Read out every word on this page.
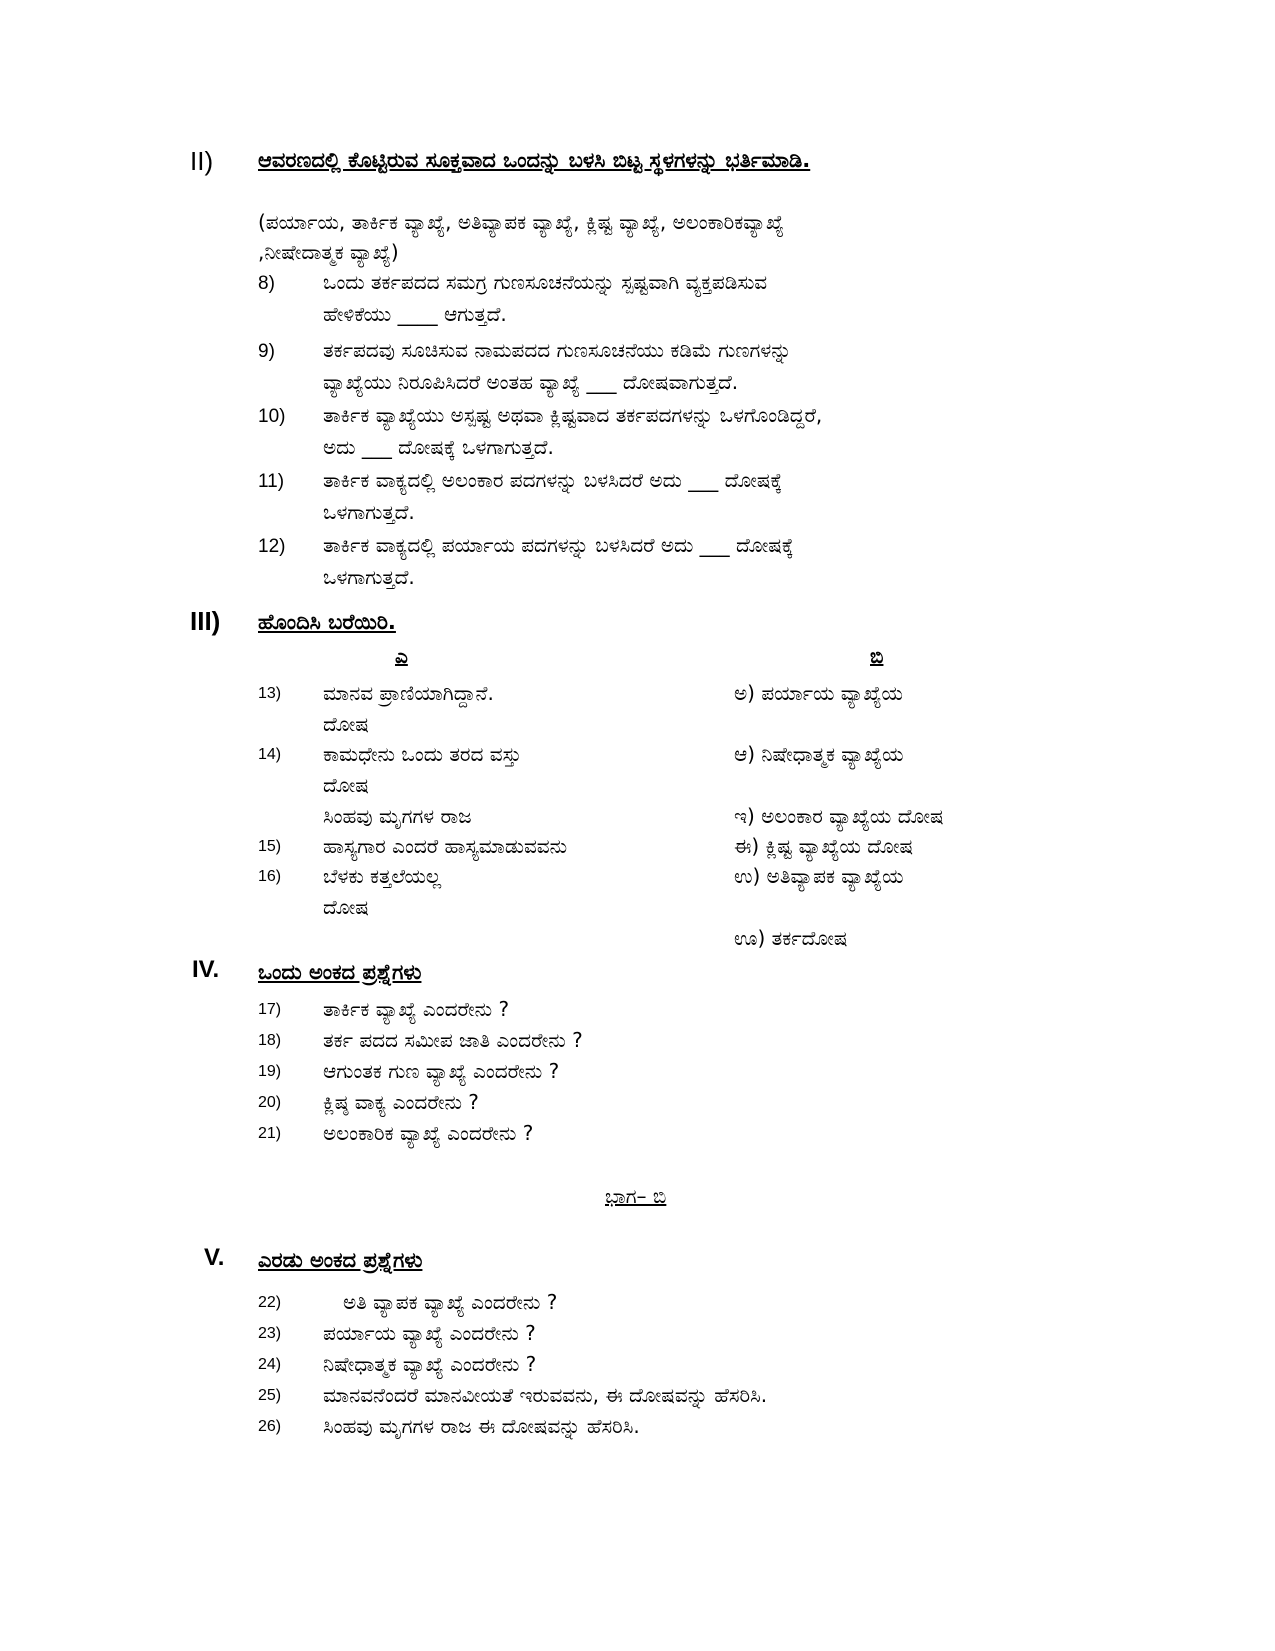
II) ಆವರಣದಲ್ಲಿ ಕೊಟ್ಟಿರುವ ಸೂಕ್ತವಾದ ಒಂದನ್ನು ಬಳಸಿ ಬಿಟ್ಟ ಸ್ಥಳಗಳನ್ನು ಭರ್ತಿಮಾಡಿ.
(ಪರ್ಯಾಯ, ತಾರ್ಕಿಕ ವ್ಯಾಖ್ಯೆ, ಅತಿವ್ಯಾಪಕ ವ್ಯಾಖ್ಯೆ, ಕ್ಲಿಷ್ಟ ವ್ಯಾಖ್ಯೆ, ಅಲಂಕಾರಿಕವ್ಯಾಖ್ಯೆ
,ನೀಷೇದಾತ್ಮಕ ವ್ಯಾಖ್ಯೆ)
8) ಒಂದು ತರ್ಕಪದದ ಸಮಗ್ರ ಗುಣಸೂಚನೆಯನ್ನು ಸ್ಪಷ್ಟವಾಗಿ ವ್ಯಕ್ತಪಡಿಸುವ
ಹೇಳಿಕೆಯು ____ ಆಗುತ್ತದೆ.
9) ತರ್ಕಪದವು ಸೂಚಿಸುವ ನಾಮಪದದ ಗುಣಸೂಚನೆಯು ಕಡಿಮೆ ಗುಣಗಳನ್ನು
ವ್ಯಾಖ್ಯೆಯು ನಿರೂಪಿಸಿದರೆ ಅಂತಹ ವ್ಯಾಖ್ಯೆ ___ ದೋಷವಾಗುತ್ತದೆ.
10) ತಾರ್ಕಿಕ ವ್ಯಾಖ್ಯೆಯು ಅಸ್ಪಷ್ಟ ಅಥವಾ ಕ್ಲಿಷ್ಟವಾದ ತರ್ಕಪದಗಳನ್ನು ಒಳಗೊಂಡಿದ್ದರೆ,
ಅದು ___ ದೋಷಕ್ಕೆ ಒಳಗಾಗುತ್ತದೆ.
11) ತಾರ್ಕಿಕ ವಾಕ್ಯದಲ್ಲಿ ಅಲಂಕಾರ ಪದಗಳನ್ನು ಬಳಸಿದರೆ ಅದು ___ ದೋಷಕ್ಕೆ
ಒಳಗಾಗುತ್ತದೆ.
12) ತಾರ್ಕಿಕ ವಾಕ್ಯದಲ್ಲಿ ಪರ್ಯಾಯ ಪದಗಳನ್ನು ಬಳಸಿದರೆ ಅದು ___ ದೋಷಕ್ಕೆ
ಒಳಗಾಗುತ್ತದೆ.
III) ಹೊಂದಿಸಿ ಬರೆಯಿರಿ.
ಎ	ಬಿ
13) ಮಾನವ ಪ್ರಾಣಿಯಾಗಿದ್ದಾನೆ.
ದೋಷ
14) ಕಾಮಧೇನು ಒಂದು ತರದ ವಸ್ತು
ದೋಷ
ಸಿಂಹವು ಮೃಗಗಳ ರಾಜ
15) ಹಾಸ್ಯಗಾರ ಎಂದರೆ ಹಾಸ್ಯಮಾಡುವವನು
16) ಬೆಳಕು ಕತ್ತಲೆಯಲ್ಲ
ದೋಷ
ಅ) ಪರ್ಯಾಯ ವ್ಯಾಖ್ಯೆಯ
ಆ) ನಿಷೇಧಾತ್ಮಕ ವ್ಯಾಖ್ಯೆಯ
ಇ) ಅಲಂಕಾರ ವ್ಯಾಖ್ಯೆಯ ದೋಷ
ಈ) ಕ್ಲಿಷ್ಟ ವ್ಯಾಖ್ಯೆಯ ದೋಷ
ಉ) ಅತಿವ್ಯಾಪಕ ವ್ಯಾಖ್ಯೆಯ
ಊ) ತರ್ಕದೋಷ
IV. ಒಂದು ಅಂಕದ ಪ್ರಶ್ನೆಗಳು
17) ತಾರ್ಕಿಕ ವ್ಯಾಖ್ಯೆ ಎಂದರೇನು ?
18) ತರ್ಕ ಪದದ ಸಮೀಪ ಜಾತಿ ಎಂದರೇನು ?
19) ಆಗುಂತಕ ಗುಣ ವ್ಯಾಖ್ಯೆ ಎಂದರೇನು ?
20) ಕ್ಲಿಷ್ಠ ವಾಕ್ಯ ಎಂದರೇನು ?
21) ಅಲಂಕಾರಿಕ ವ್ಯಾಖ್ಯೆ ಎಂದರೇನು ?
ಭಾಗ– ಬಿ
V. ಎರಡು ಅಂಕದ ಪ್ರಶ್ನೆಗಳು
22)	ಅತಿ ವ್ಯಾಪಕ ವ್ಯಾಖ್ಯೆ ಎಂದರೇನು ?
23) ಪರ್ಯಾಯ ವ್ಯಾಖ್ಯೆ ಎಂದರೇನು ?
24) ನಿಷೇಧಾತ್ಮಕ ವ್ಯಾಖ್ಯೆ ಎಂದರೇನು ?
25) ಮಾನವನೆಂದರೆ ಮಾನವೀಯತೆ ಇರುವವನು, ಈ ದೋಷವನ್ನು ಹೆಸರಿಸಿ.
26) ಸಿಂಹವು ಮೃಗಗಳ ರಾಜ ಈ ದೋಷವನ್ನು ಹೆಸರಿಸಿ.
